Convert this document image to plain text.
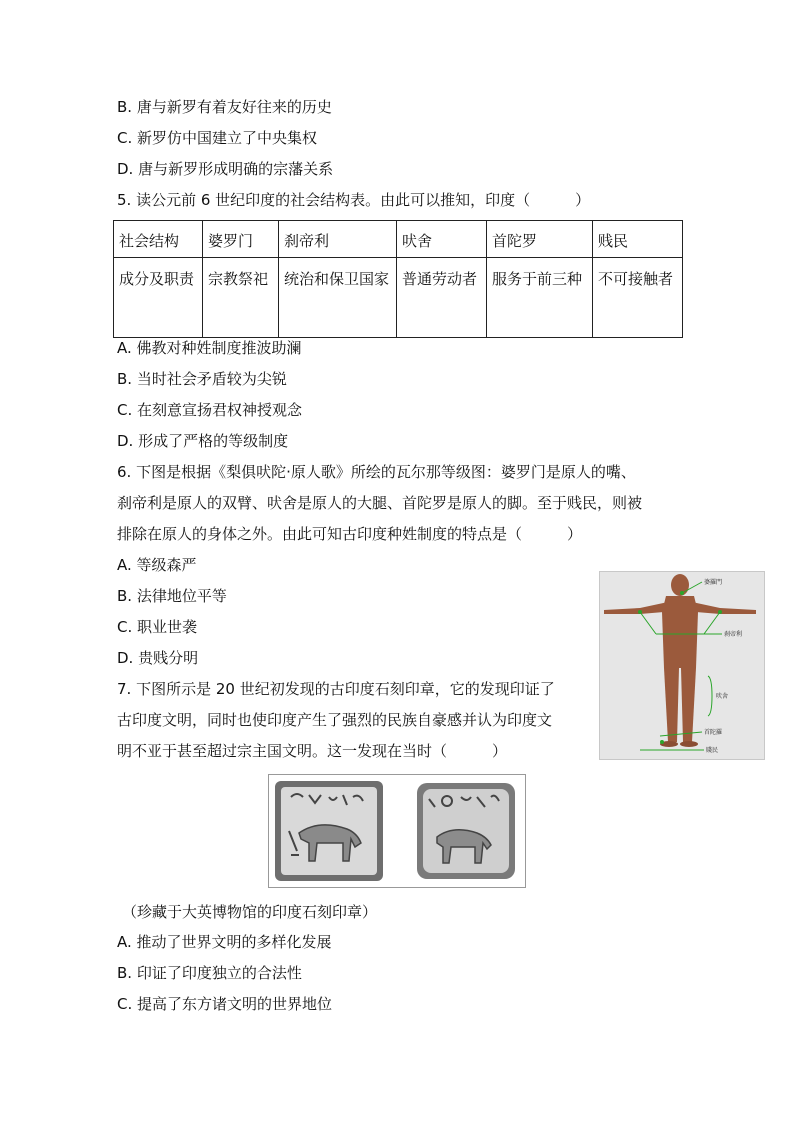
B. 唐与新罗有着友好往来的历史
C. 新罗仿中国建立了中央集权
D. 唐与新罗形成明确的宗藩关系
5. 读公元前 6 世纪印度的社会结构表。由此可以推知，印度（　　　）
社会结构	婆罗门	刹帝利	吠舍	首陀罗	贱民
成分及职责	宗教祭祀	统治和保卫国家	普通劳动者	服务于前三种	不可接触者
A. 佛教对种姓制度推波助澜
B. 当时社会矛盾较为尖锐
C. 在刻意宣扬君权神授观念
D. 形成了严格的等级制度
6. 下图是根据《梨俱吠陀·原人歌》所绘的瓦尔那等级图：婆罗门是原人的嘴、
刹帝利是原人的双臂、吠舍是原人的大腿、首陀罗是原人的脚。至于贱民，则被
排除在原人的身体之外。由此可知古印度种姓制度的特点是（　　　）
A. 等级森严
B. 法律地位平等
C. 职业世袭
D. 贵贱分明
婆羅門
刹帝利
吠舍
首陀羅
賤民
7. 下图所示是 20 世纪初发现的古印度石刻印章，它的发现印证了
古印度文明，同时也使印度产生了强烈的民族自豪感并认为印度文
明不亚于甚至超过宗主国文明。这一发现在当时（　　　）
（珍藏于大英博物馆的印度石刻印章）
A. 推动了世界文明的多样化发展
B. 印证了印度独立的合法性
C. 提高了东方诸文明的世界地位
